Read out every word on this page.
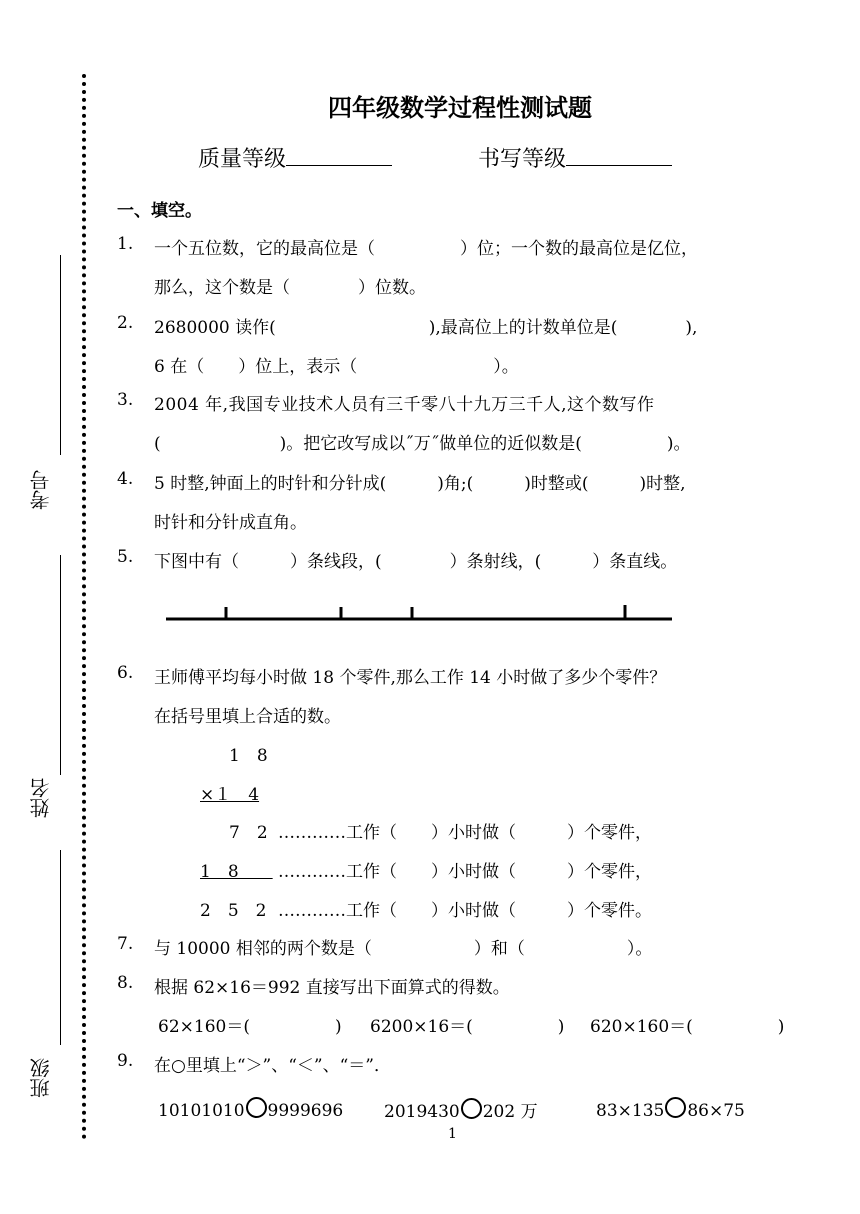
考号
姓名
班级
四年级数学过程性测试题
质量等级	书写等级
一、填空。
1. 一个五位数，它的最高位是（　　　　　）位；一个数的最高位是亿位，
那么，这个数是（　　　　）位数。
2. 2680000 读作(　　　　　　　　　),最高位上的计数单位是(　　　　),
6 在（　　）位上，表示（　　　　　　　　）。
3. 2004 年,我国专业技术人员有三千零八十九万三千人,这个数写作
(　　　　　　　)。把它改写成以˝万˝做单位的近似数是(　　　　　)。
4. 5 时整,钟面上的时针和分针成(　　　)角;(　　　)时整或(　　　)时整,
时针和分针成直角。
5. 下图中有（　　　）条线段，(　　　　）条射线，(　　　）条直线。
6. 王师傅平均每小时做 18 个零件,那么工作 14 小时做了多少个零件？
在括号里填上合适的数。
1　8
×１　4
7　2 …………工作（　　）小时做（　　　）个零件，
1　8　　 …………工作（　　）小时做（　　　）个零件，
2　5　2 …………工作（　　）小时做（　　　）个零件。
7. 与 10000 相邻的两个数是（　　　　　　）和（　　　　　　）。
8. 根据 62×16＝992 直接写出下面算式的得数。
62×160＝(　　　　　) 6200×16＝(　　　　　) 620×160＝(　　　　　)
9. 在○里填上“＞”、“＜”、“＝”．
10101010 9999696 2019430 202 万	83×135 86×75
1
